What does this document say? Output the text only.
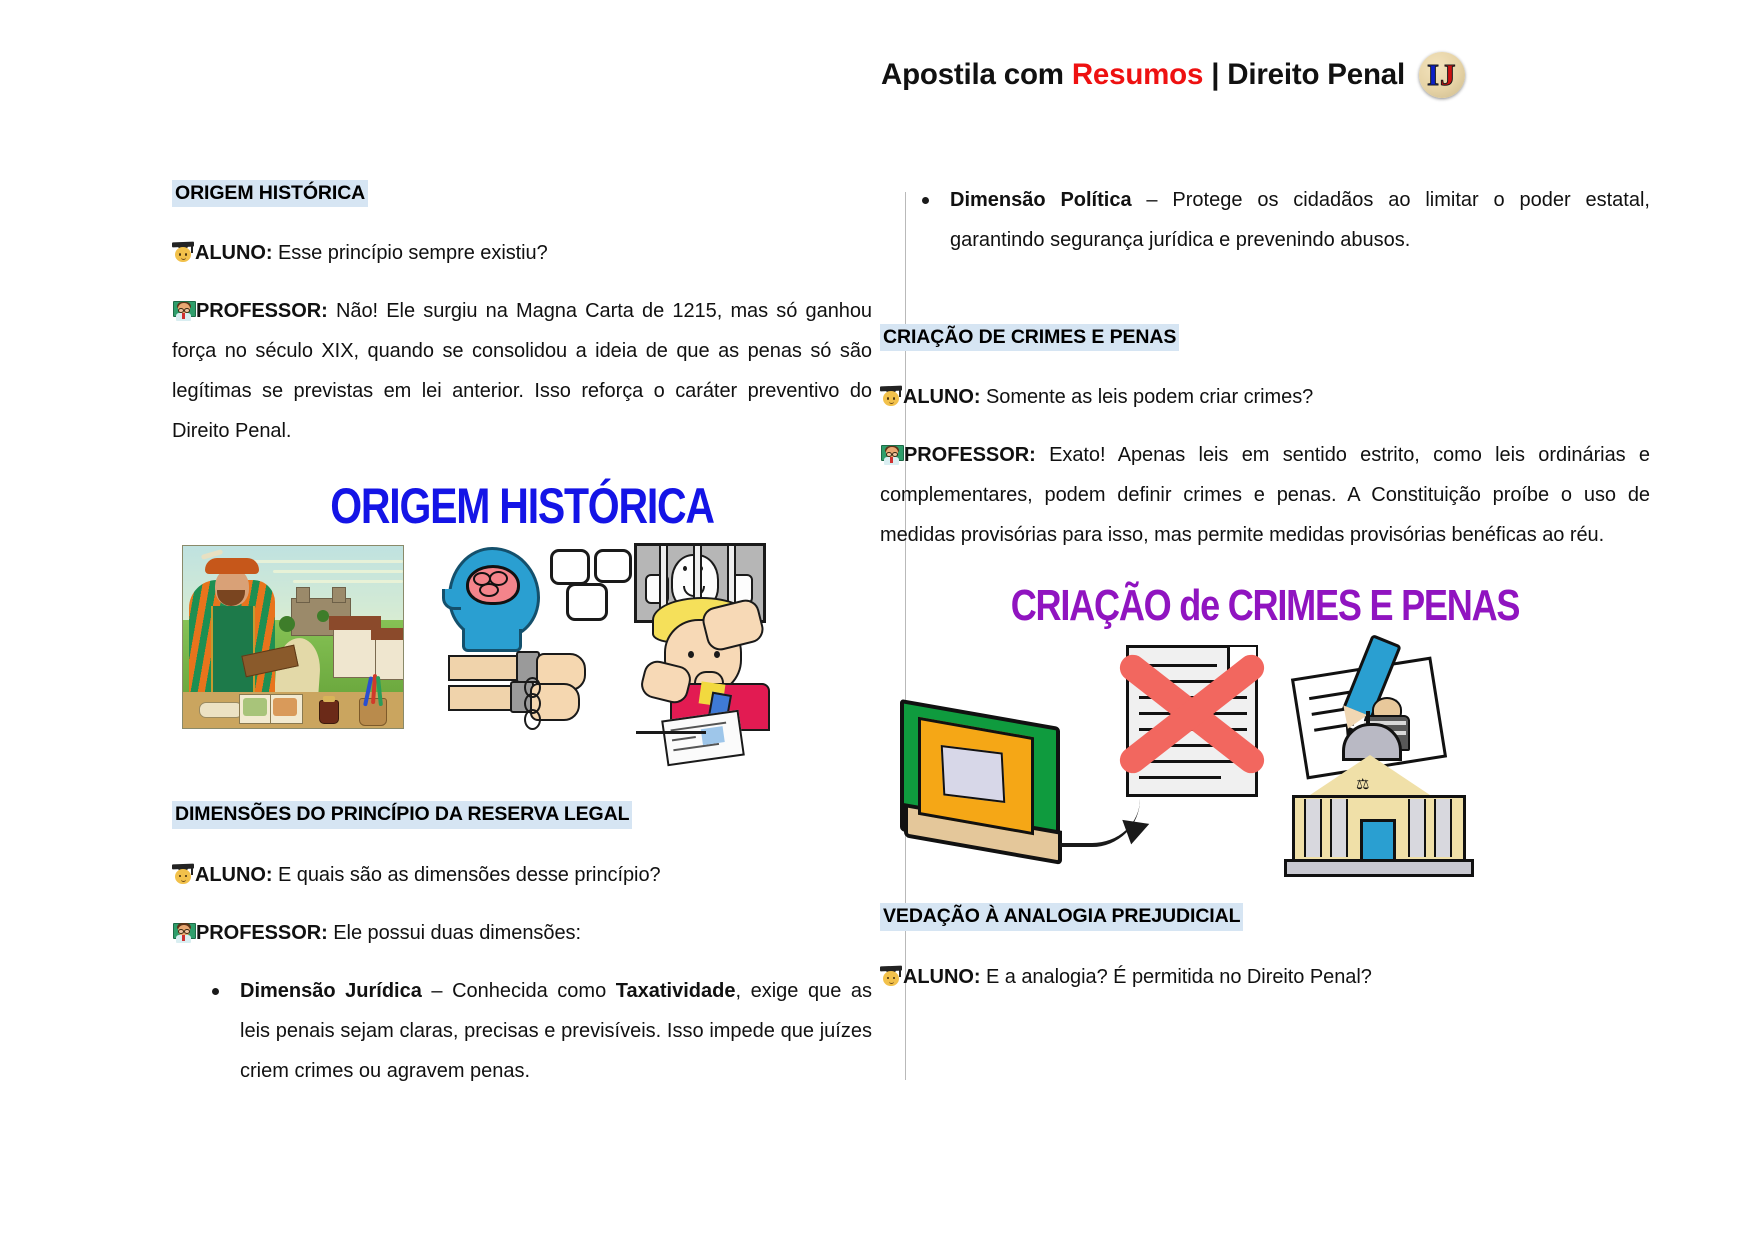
Apostila com Resumos | Direito Penal I J
ORIGEM HISTÓRICA

ALUNO: Esse princípio sempre existiu?

PROFESSOR: Não! Ele surgiu na Magna Carta de 1215, mas só ganhou força no século XIX, quando se consolidou a ideia de que as penas só são legítimas se previstas em lei anterior. Isso reforça o caráter preventivo do Direito Penal.

ORIGEM HISTÓRICA
DIMENSÕES DO PRINCÍPIO DA RESERVA LEGAL

ALUNO: E quais são as dimensões desse princípio?

PROFESSOR: Ele possui duas dimensões:

Dimensão Jurídica – Conhecida como Taxatividade, exige que as leis penais sejam claras, precisas e previsíveis. Isso impede que juízes criem crimes ou agravem penas.
Dimensão Política – Protege os cidadãos ao limitar o poder estatal, garantindo segurança jurídica e prevenindo abusos.
CRIAÇÃO DE CRIMES E PENAS

ALUNO: Somente as leis podem criar crimes?

PROFESSOR: Exato! Apenas leis em sentido estrito, como leis ordinárias e complementares, podem definir crimes e penas. A Constituição proíbe o uso de medidas provisórias para isso, mas permite medidas provisórias benéficas ao réu.

CRIAÇÃO de CRIMES E PENAS
⚖
VEDAÇÃO À ANALOGIA PREJUDICIAL

ALUNO: E a analogia? É permitida no Direito Penal?
